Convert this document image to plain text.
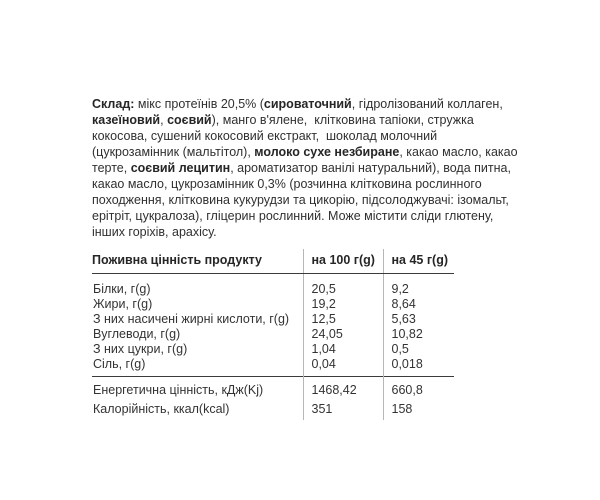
Склад: мікс протеїнів 20,5% (сироваточний, гідролізований коллаген,
казеїновий, соєвий), манго в'ялене,  клітковина тапіоки, стружка
кокосова, сушений кокосовий екстракт,  шоколад молочний
(цукрозамінник (мальтітол), молоко сухе незбиране, какао масло, какао
терте, соєвий лецитин, ароматизатор ванілі натуральний), вода питна,
какао масло, цукрозамінник 0,3% (розчинна клітковина рослинного
походження, клітковина кукурудзи та цикорію, підсолоджувачі: ізомальт,
ерітріт, цукралоза), гліцерин рослинний. Може містити сліди глютену,
інших горіхів, арахісу.
Поживна цінність продукту	на 100 г(g)	на 45 г(g)
Білки, г(g)	20,5	9,2
Жири, г(g)	19,2	8,64
З них насичені жирні кислоти, г(g)	12,5	5,63
Вуглеводи, г(g)	24,05	10,82
З них цукри, г(g)	1,04	0,5
Сіль, г(g)	0,04	0,018
Енергетична цінність, кДж(Kj)	1468,42	660,8
Калорійність, ккал(kcal)	351	158
